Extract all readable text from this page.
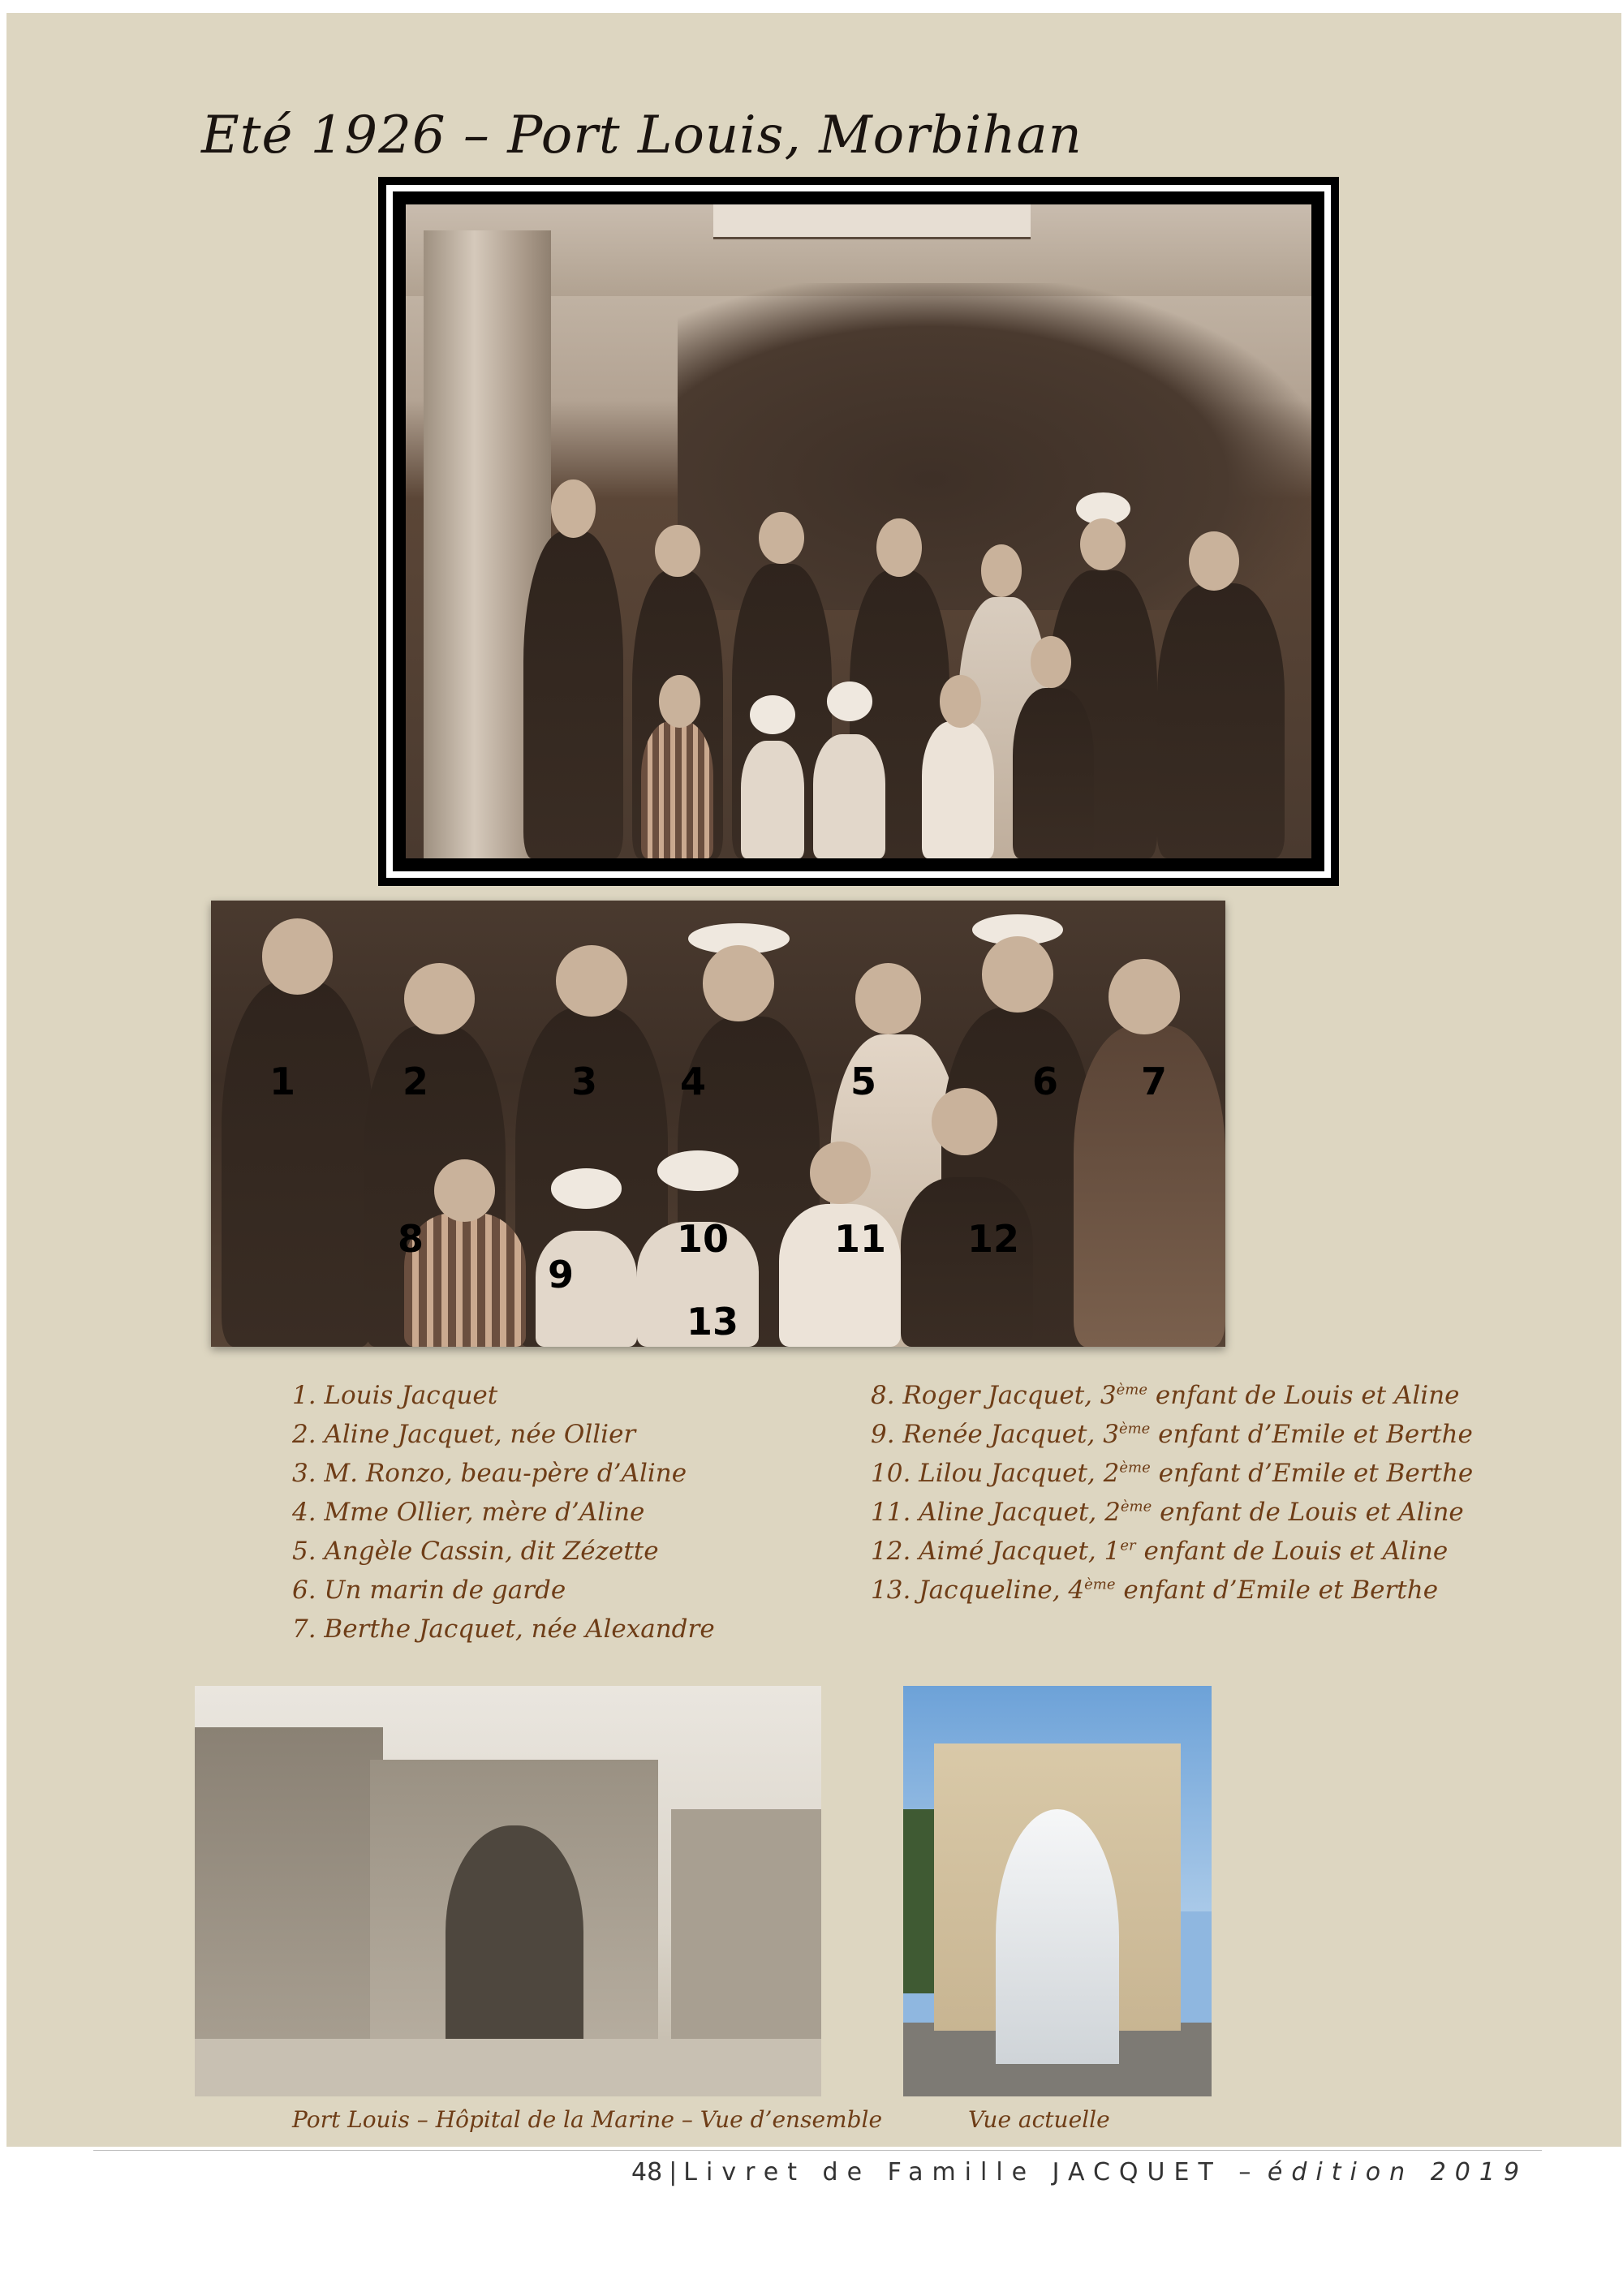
Eté 1926 – Port Louis, Morbihan
1	2	3 4	5	6 7
8
9
10	11 12
13
1. Louis Jacquet
2. Aline Jacquet, née Ollier
3. M. Ronzo, beau-père d’Aline
4. Mme Ollier, mère d’Aline
5. Angèle Cassin, dit Zézette
6. Un marin de garde
7. Berthe Jacquet, née Alexandre
8. Roger Jacquet, 3ème enfant de Louis et Aline
9. Renée Jacquet, 3ème enfant d’Emile et Berthe
10. Lilou Jacquet, 2ème enfant d’Emile et Berthe
11. Aline Jacquet, 2ème enfant de Louis et Aline
12. Aimé Jacquet, 1er enfant de Louis et Aline
13. Jacqueline, 4ème enfant d’Emile et Berthe

Port Louis – Hôpital de la Marine – Vue d’ensemble	Vue actuelle

48 | Livret de Famille JACQUET – édition 2019
